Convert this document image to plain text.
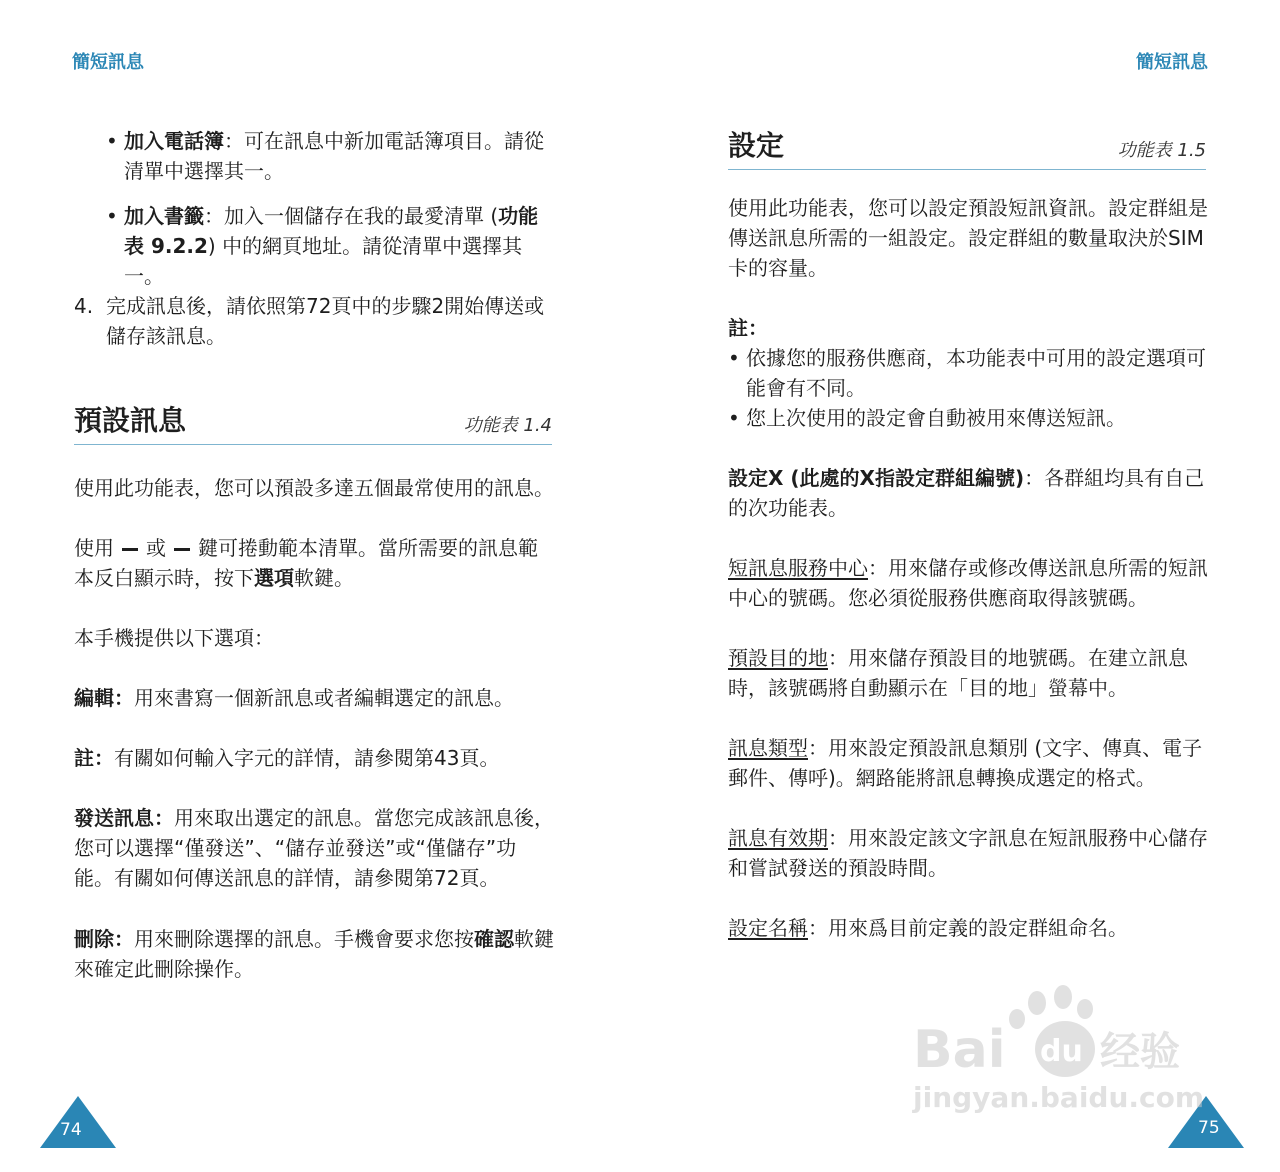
簡短訊息	簡短訊息

• 加入電話簿：可在訊息中新加電話簿項目。請從清單中選擇其一。

• 加入書籤：加入一個儲存在我的最愛清單 (功能表 9.2.2) 中的網頁地址。請從清單中選擇其一。

4. 完成訊息後，請依照第72頁中的步驟2開始傳送或儲存該訊息。

預設訊息	功能表 1.4

使用此功能表，您可以預設多達五個最常使用的訊息。

使用 或 鍵可捲動範本清單。當所需要的訊息範本反白顯示時，按下選項軟鍵。

本手機提供以下選項：

編輯：用來書寫一個新訊息或者編輯選定的訊息。

註：有關如何輸入字元的詳情，請參閱第43頁。

發送訊息：用來取出選定的訊息。當您完成該訊息後，您可以選擇“僅發送”、“儲存並發送”或“僅儲存”功能。有關如何傳送訊息的詳情，請參閱第72頁。

刪除：用來刪除選擇的訊息。手機會要求您按確認軟鍵來確定此刪除操作。

設定	功能表 1.5

使用此功能表，您可以設定預設短訊資訊。設定群組是傳送訊息所需的一組設定。設定群組的數量取決於SIM卡的容量。

註：

• 依據您的服務供應商，本功能表中可用的設定選項可能會有不同。

• 您上次使用的設定會自動被用來傳送短訊。

設定X (此處的X指設定群組編號)：各群組均具有自己的次功能表。

短訊息服務中心：用來儲存或修改傳送訊息所需的短訊中心的號碼。您必須從服務供應商取得該號碼。

預設目的地：用來儲存預設目的地號碼。在建立訊息時，該號碼將自動顯示在「目的地」螢幕中。

訊息類型：用來設定預設訊息類別 (文字、傳真、電子郵件、傳呼)。網路能將訊息轉換成選定的格式。

訊息有效期：用來設定該文字訊息在短訊服務中心儲存和嘗試發送的預設時間。

設定名稱：用來爲目前定義的設定群組命名。

74	75
Bai du 经验
jingyan.baidu.com
